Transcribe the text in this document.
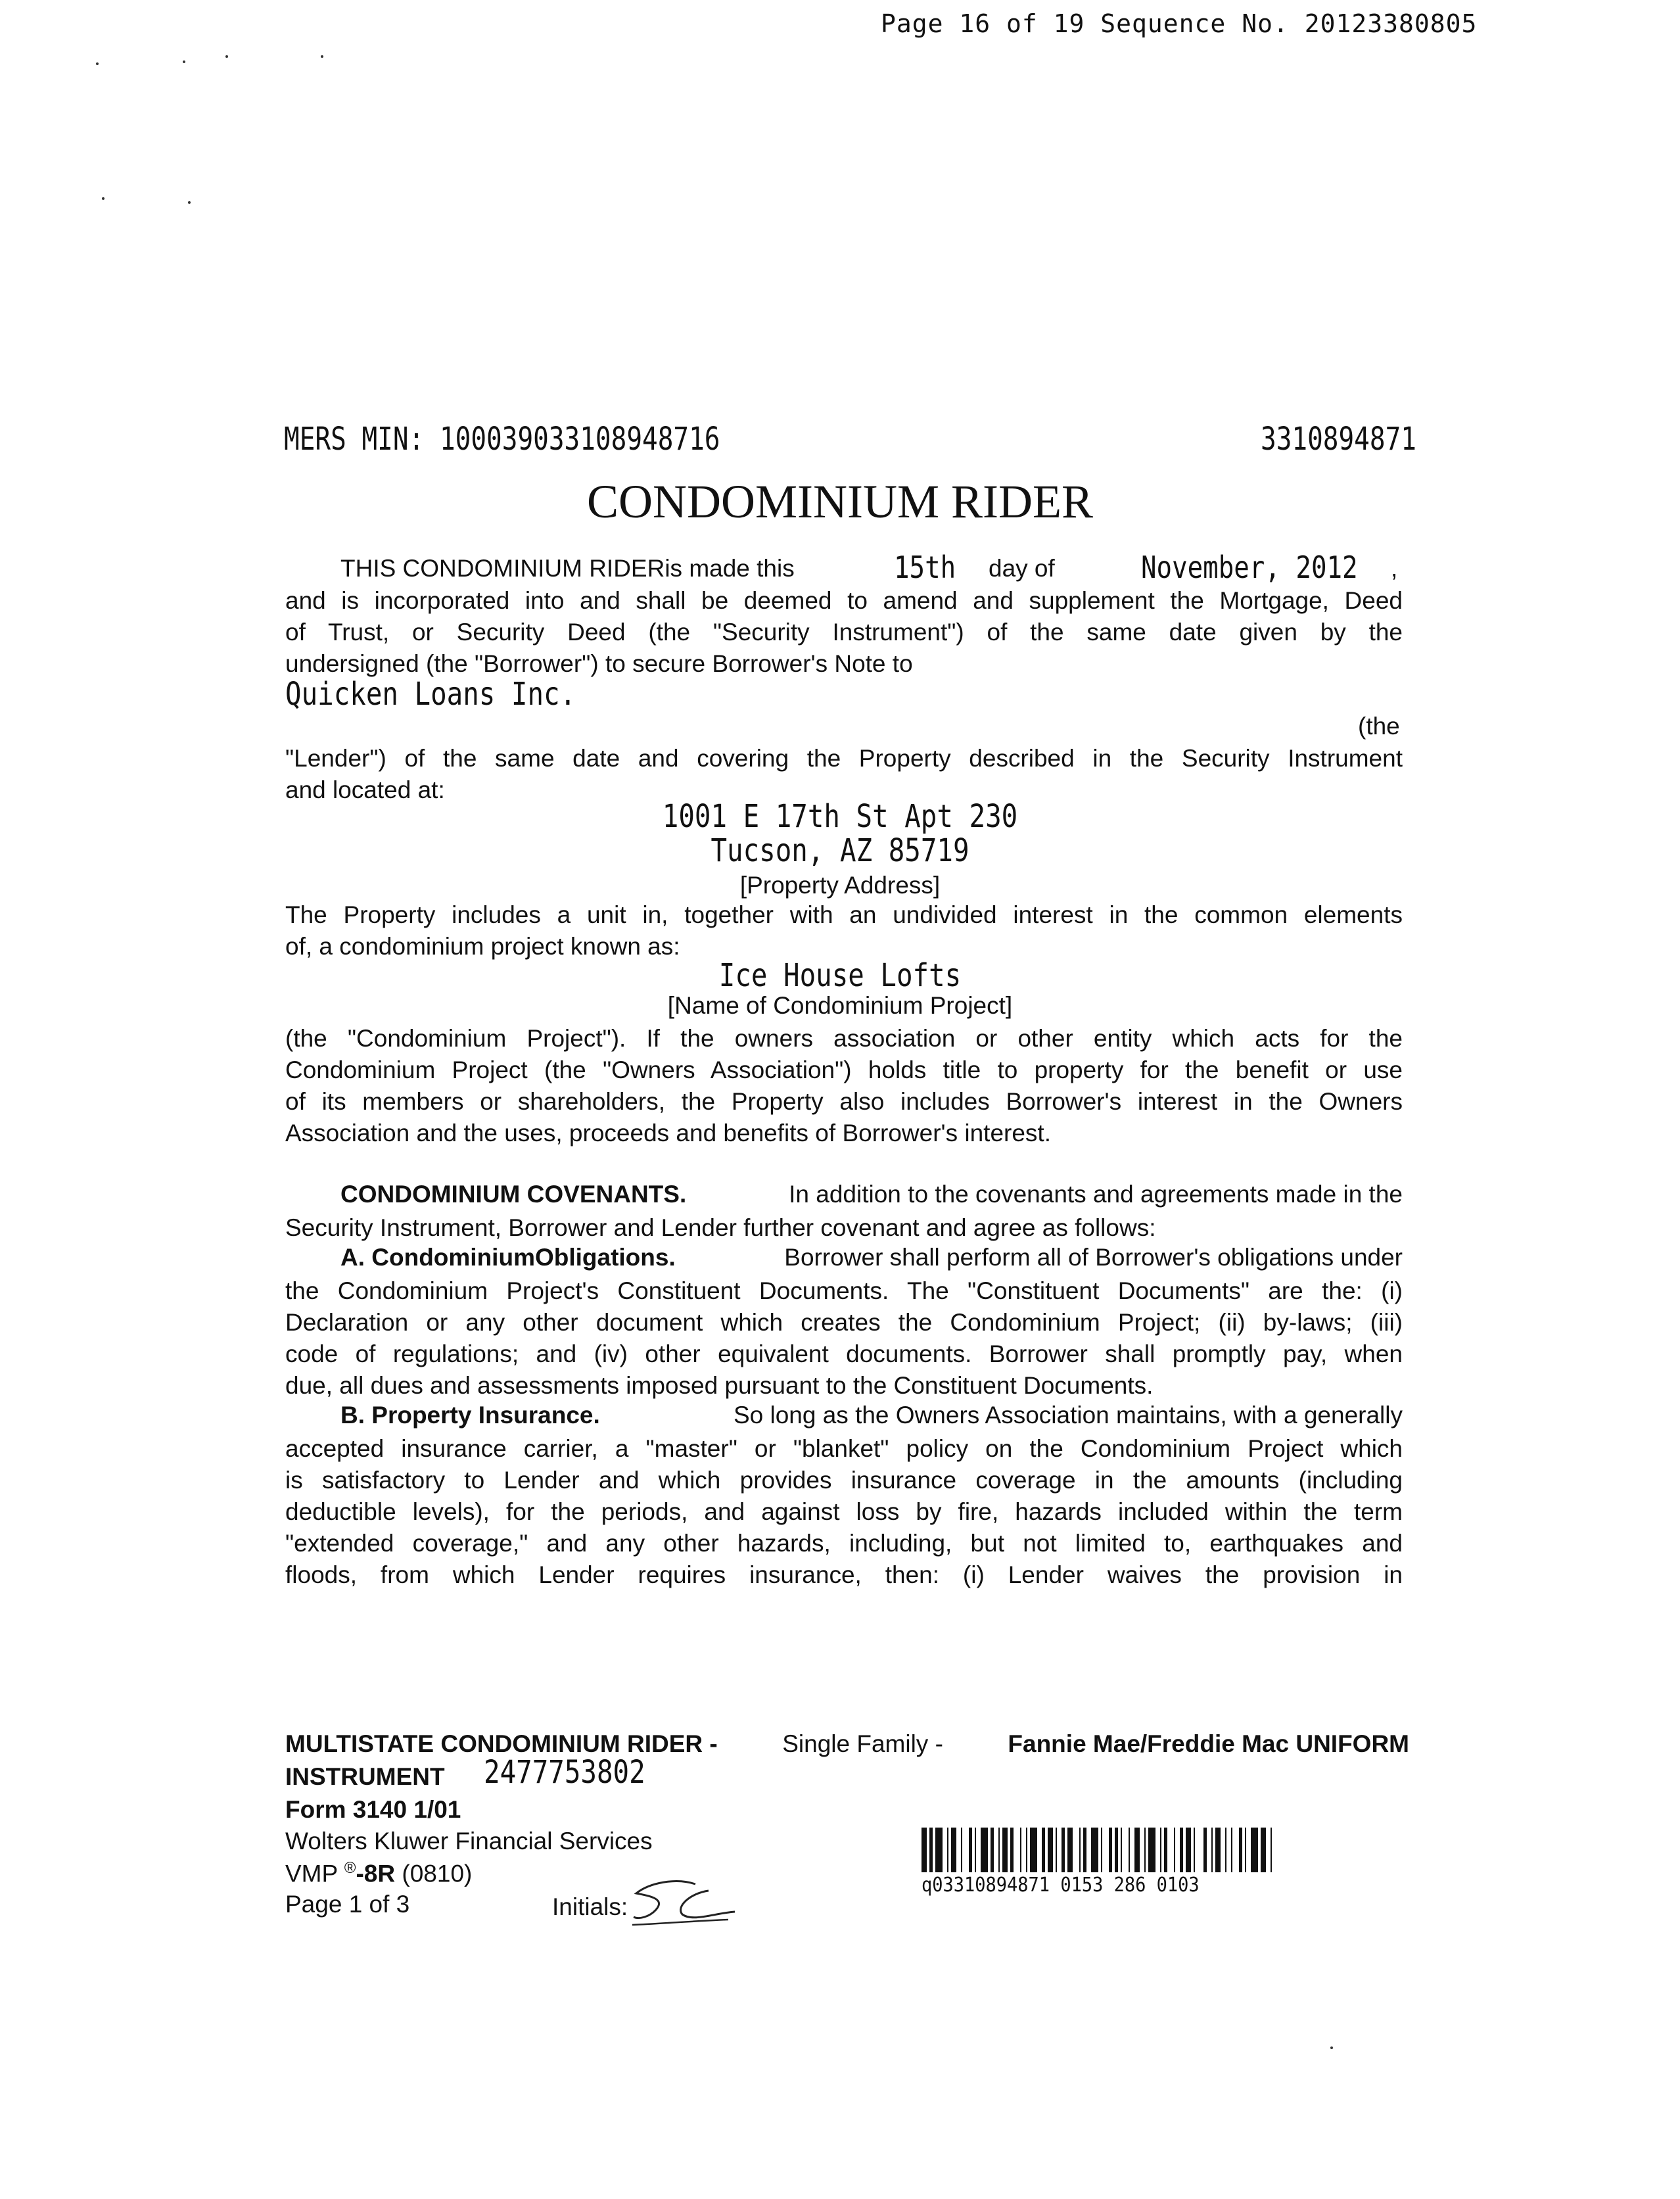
Page 16 of 19 Sequence No. 20123380805
MERS MIN: 100039033108948716	3310894871
CONDOMINIUM RIDER
THIS CONDOMINIUM RIDERis made this	15th day of	November, 2012 ,
and is incorporated into and shall be deemed to amend and supplement the Mortgage, Deed
of Trust, or Security Deed (the "Security Instrument") of the same date given by the
undersigned (the "Borrower") to secure Borrower's Note to
Quicken Loans Inc.
(the
"Lender") of the same date and covering the Property described in the Security Instrument
and located at:
1001 E 17th St Apt 230
Tucson, AZ 85719
[Property Address]
The Property includes a unit in, together with an undivided interest in the common elements
of, a condominium project known as:
Ice House Lofts
[Name of Condominium Project]
(the "Condominium Project"). If the owners association or other entity which acts for the
Condominium Project (the "Owners Association") holds title to property for the benefit or use
of its members or shareholders, the Property also includes Borrower's interest in the Owners
Association and the uses, proceeds and benefits of Borrower's interest.
CONDOMINIUM COVENANTS.	In addition to the covenants and agreements made in the
Security Instrument, Borrower and Lender further covenant and agree as follows:
A. CondominiumObligations.	Borrower shall perform all of Borrower's obligations under
the Condominium Project's Constituent Documents. The "Constituent Documents" are the: (i)
Declaration or any other document which creates the Condominium Project; (ii) by-laws; (iii)
code of regulations; and (iv) other equivalent documents. Borrower shall promptly pay, when
due, all dues and assessments imposed pursuant to the Constituent Documents.
B. Property Insurance.	So long as the Owners Association maintains, with a generally
accepted insurance carrier, a "master" or "blanket" policy on the Condominium Project which
is satisfactory to Lender and which provides insurance coverage in the amounts (including
deductible levels), for the periods, and against loss by fire, hazards included within the term
"extended coverage," and any other hazards, including, but not limited to, earthquakes and
floods, from which Lender requires insurance, then: (i) Lender waives the provision in
MULTISTATE CONDOMINIUM RIDER -	Single Family -	Fannie Mae/Freddie Mac UNIFORM
INSTRUMENT 2477753802
Form 3140 1/01
Wolters Kluwer Financial Services
VMP ®-8R (0810)
Page 1 of 3	Initials:
q03310894871 0153 286 0103
